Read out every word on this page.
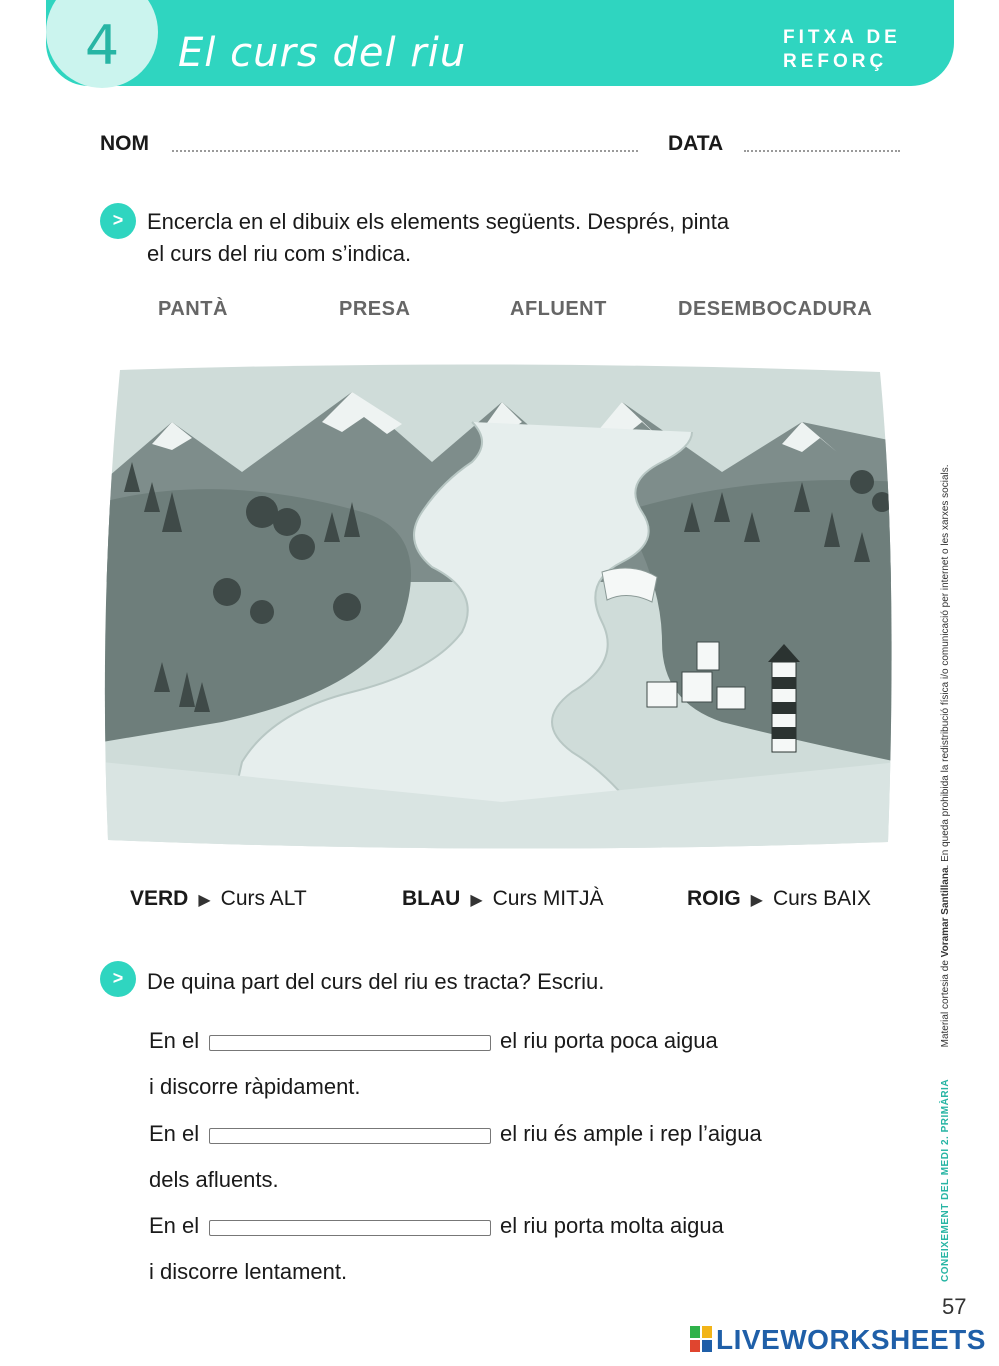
4	El curs del riu	FITXA DE
REFORÇ
NOM	DATA
>	Encercla en el dibuix els elements següents. Després, pinta
el curs del riu com s’indica.
PANTÀ	PRESA	AFLUENT	DESEMBOCADURA
VERD ▶ Curs ALT	BLAU ▶ Curs MITJÀ	ROIG ▶ Curs BAIX
>	De quina part del curs del riu es tracta? Escriu.
En el	el riu porta poca aigua
i discorre ràpidament.
En el	el riu és ample i rep l’aigua
dels afluents.
En el	el riu porta molta aigua
i discorre lentament.	CONEIXEMENT DEL MEDI 2. PRIMÀRIA  Material cortesia de Voramar Santillana. En queda prohibida la redistribució física i/o comunicació per internet o les xarxes socials.
57
LIVEWORKSHEETS
